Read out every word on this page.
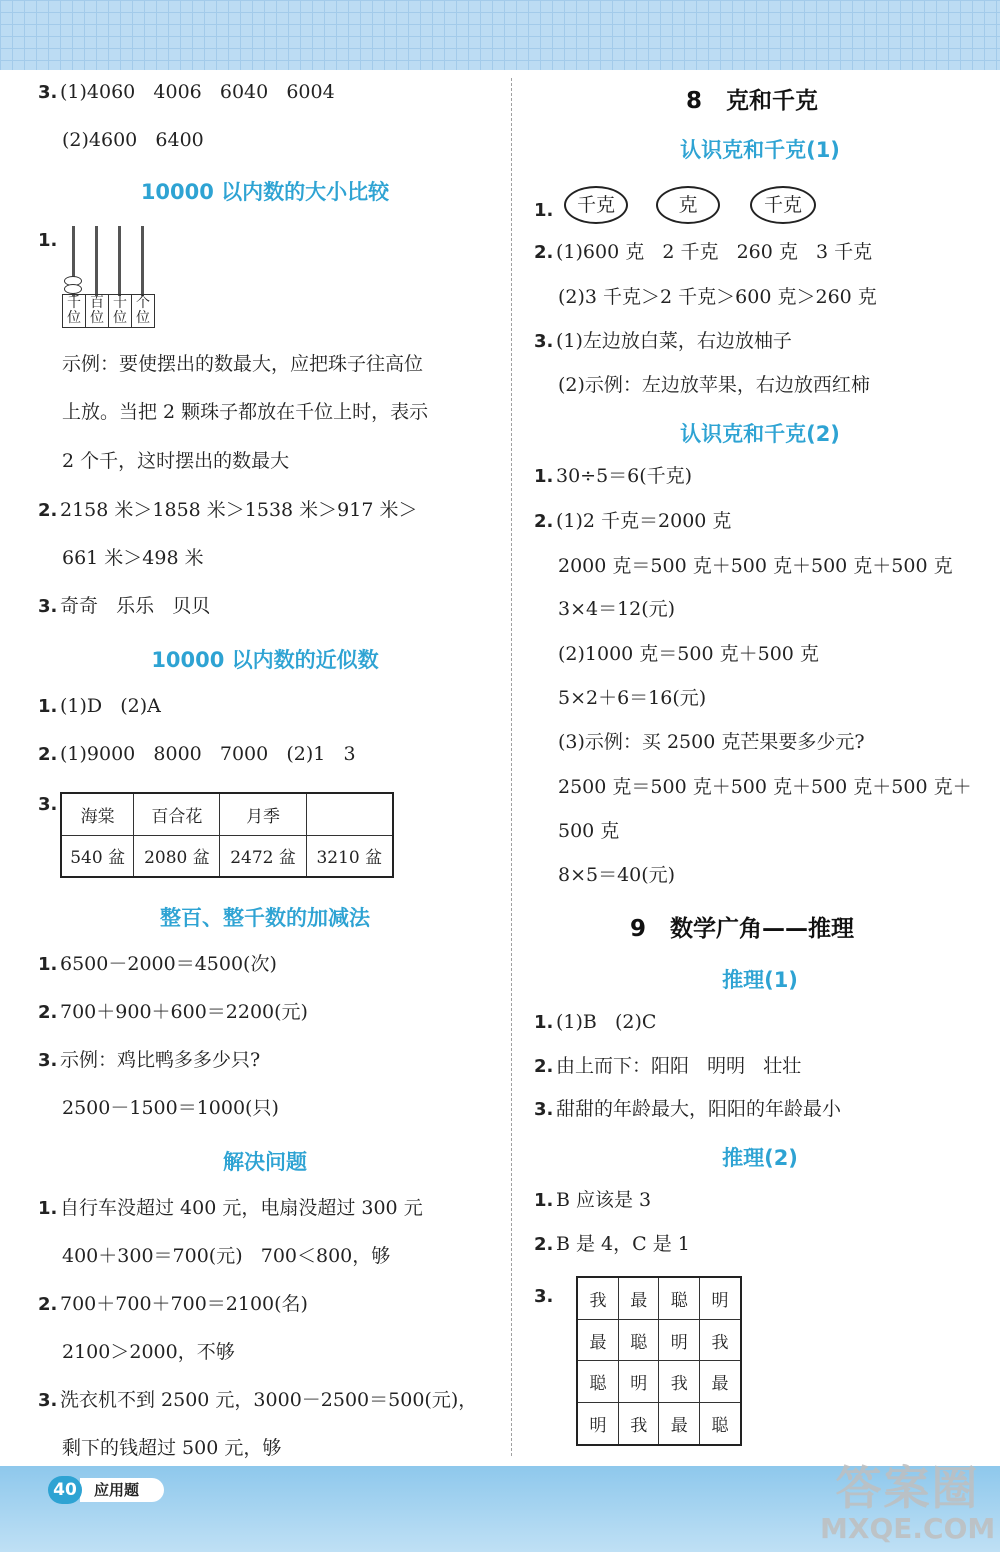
3. (1)4060   4006   6040   6004
(2)4600   6400
10000 以内数的大小比较
1.
千位
百位
十位
个位
示例：要使摆出的数最大，应把珠子往高位
上放。当把 2 颗珠子都放在千位上时，表示
2 个千，这时摆出的数最大
2. 2158 米＞1858 米＞1538 米＞917 米＞
661 米＞498 米
3. 奇奇   乐乐   贝贝
10000 以内数的近似数
1. (1)D   (2)A
2. (1)9000   8000   7000   (2)1   3
3.
海棠	百合花	月季	
540 盆	2080 盆	2472 盆	3210 盆
整百、整千数的加减法
1. 6500－2000＝4500(次)
2. 700＋900＋600＝2200(元)
3. 示例：鸡比鸭多多少只?
2500－1500＝1000(只)
解决问题
1. 自行车没超过 400 元，电扇没超过 300 元
400＋300＝700(元)   700＜800，够
2. 700＋700＋700＝2100(名)
2100＞2000，不够
3. 洗衣机不到 2500 元，3000－2500＝500(元)，
剩下的钱超过 500 元，够
8   克和千克
认识克和千克(1)
1.	千克	克	千克
2. (1)600 克   2 千克   260 克   3 千克
(2)3 千克＞2 千克＞600 克＞260 克
3. (1)左边放白菜，右边放柚子
(2)示例：左边放苹果，右边放西红柿
认识克和千克(2)
1. 30÷5＝6(千克)
2. (1)2 千克＝2000 克
2000 克＝500 克＋500 克＋500 克＋500 克
3×4＝12(元)
(2)1000 克＝500 克＋500 克
5×2＋6＝16(元)
(3)示例：买 2500 克芒果要多少元?
2500 克＝500 克＋500 克＋500 克＋500 克＋
500 克
8×5＝40(元)
9   数学广角——推理
推理(1)
1. (1)B   (2)C
2. 由上而下：阳阳   明明   壮壮
3. 甜甜的年龄最大，阳阳的年龄最小
推理(2)
1. B 应该是 3
2. B 是 4，C 是 1
3. 我	最	聪	明
最	聪	明	我
聪	明	我	最
明	我	最	聪
应用题
40	答案圈
MXQE.COM
